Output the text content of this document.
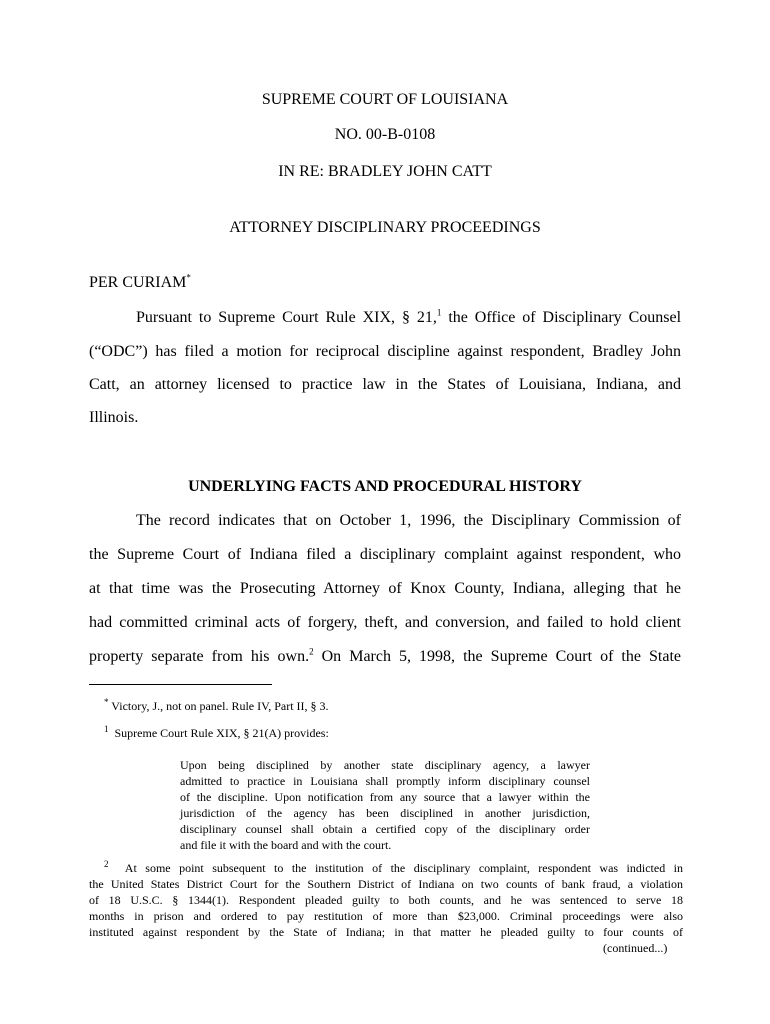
SUPREME COURT OF LOUISIANA
NO. 00-B-0108
IN RE: BRADLEY JOHN CATT
ATTORNEY DISCIPLINARY PROCEEDINGS
PER CURIAM*
Pursuant to Supreme Court Rule XIX, § 21,$^1$ the Office of Disciplinary Counsel
(“ODC”) has filed a motion for reciprocal discipline against respondent, Bradley John
Catt, an attorney licensed to practice law in the States of Louisiana, Indiana, and
Illinois.
UNDERLYING FACTS AND PROCEDURAL HISTORY
The record indicates that on October 1, 1996, the Disciplinary Commission of
the Supreme Court of Indiana filed a disciplinary complaint against respondent, who
at that time was the Prosecuting Attorney of Knox County, Indiana, alleging that he
had committed criminal acts of forgery, theft, and conversion, and failed to hold client
property separate from his own.$^2$ On March 5, 1998, the Supreme Court of the State
* Victory, J., not on panel. Rule IV, Part II, § 3.
$^1$ Supreme Court Rule XIX, § 21(A) provides:
Upon being disciplined by another state disciplinary agency, a lawyer
admitted to practice in Louisiana shall promptly inform disciplinary counsel
of the discipline. Upon notification from any source that a lawyer within the
jurisdiction of the agency has been disciplined in another jurisdiction,
disciplinary counsel shall obtain a certified copy of the disciplinary order
and file it with the board and with the court.
$^2$ At some point subsequent to the institution of the disciplinary complaint, respondent was indicted in
the United States District Court for the Southern District of Indiana on two counts of bank fraud, a violation
of 18 U.S.C. § 1344(1). Respondent pleaded guilty to both counts, and he was sentenced to serve 18
months in prison and ordered to pay restitution of more than $23,000. Criminal proceedings were also
instituted against respondent by the State of Indiana; in that matter he pleaded guilty to four counts of
(continued...)
